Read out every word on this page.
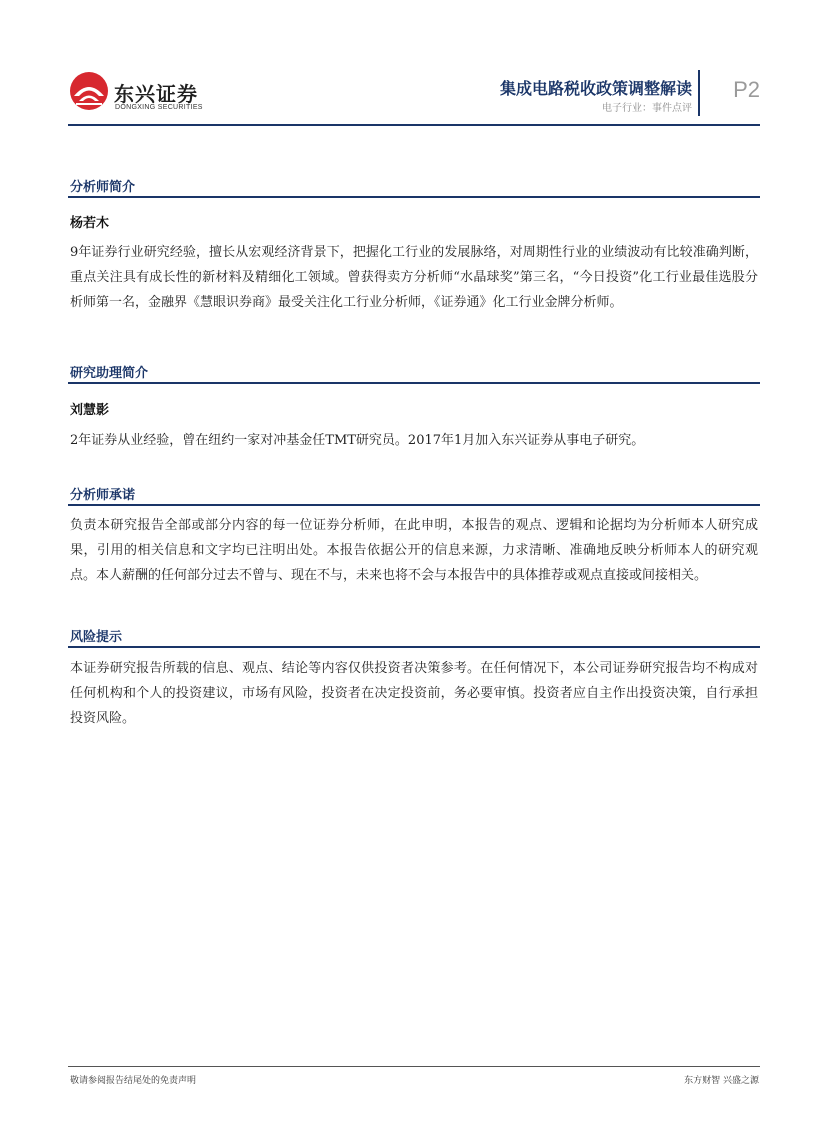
东兴证券
DONGXING SECURITIES
集成电路税收政策调整解读
电子行业：事件点评
P2
分析师简介
杨若木
9年证券行业研究经验，擅长从宏观经济背景下，把握化工行业的发展脉络，对周期性行业的业绩波动有比较准确判断，重点关注具有成长性的新材料及精细化工领域。曾获得卖方分析师“水晶球奖”第三名，“今日投资”化工行业最佳选股分析师第一名，金融界《慧眼识券商》最受关注化工行业分析师，《证券通》化工行业金牌分析师。
研究助理简介
刘慧影
2年证券从业经验，曾在纽约一家对冲基金任TMT研究员。2017年1月加入东兴证券从事电子研究。
分析师承诺
负责本研究报告全部或部分内容的每一位证券分析师，在此申明，本报告的观点、逻辑和论据均为分析师本人研究成果，引用的相关信息和文字均已注明出处。本报告依据公开的信息来源，力求清晰、准确地反映分析师本人的研究观点。本人薪酬的任何部分过去不曾与、现在不与，未来也将不会与本报告中的具体推荐或观点直接或间接相关。
风险提示
本证券研究报告所载的信息、观点、结论等内容仅供投资者决策参考。在任何情况下，本公司证券研究报告均不构成对任何机构和个人的投资建议，市场有风险，投资者在决定投资前，务必要审慎。投资者应自主作出投资决策，自行承担投资风险。
敬请参阅报告结尾处的免责声明	东方财智 兴盛之源
